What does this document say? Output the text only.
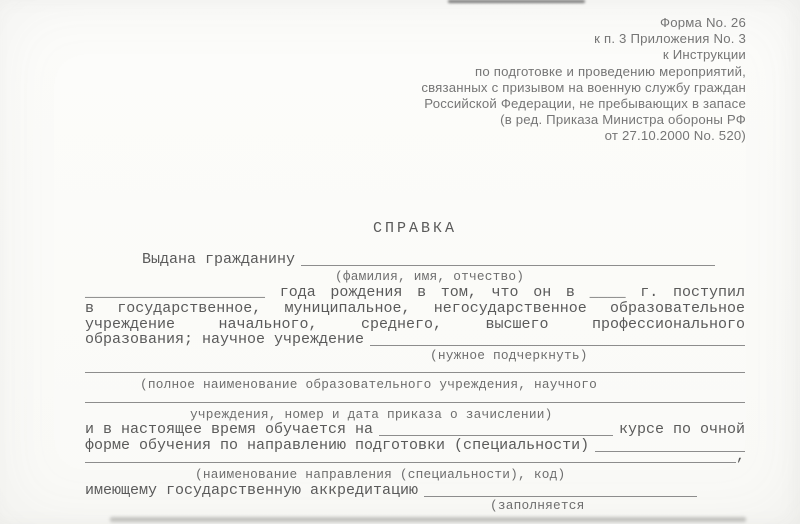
Форма No. 26
к п. 3 Приложения No. 3
к Инструкции
по подготовке и проведению мероприятий,
связанных с призывом на военную службу граждан
Российской Федерации, не пребывающих в запасе
(в ред. Приказа Министра обороны РФ
от 27.10.2000 No. 520)
СПРАВКА
Выдана гражданину
(фамилия, имя, отчество)
____________________ года рождения в том, что он в ____ г. поступил
в государственное, муниципальное, негосударственное образовательное
учреждение начального, среднего, высшего профессионального
образования; научное учреждение
(нужное подчеркнуть)
(полное наименование образовательного учреждения, научного
учреждения, номер и дата приказа о зачислении)
и в настоящее время обучается на	курсе по очной
форме обучения по направлению подготовки (специальности)
,
(наименование направления (специальности), код)
имеющему государственную аккредитацию
(заполняется
